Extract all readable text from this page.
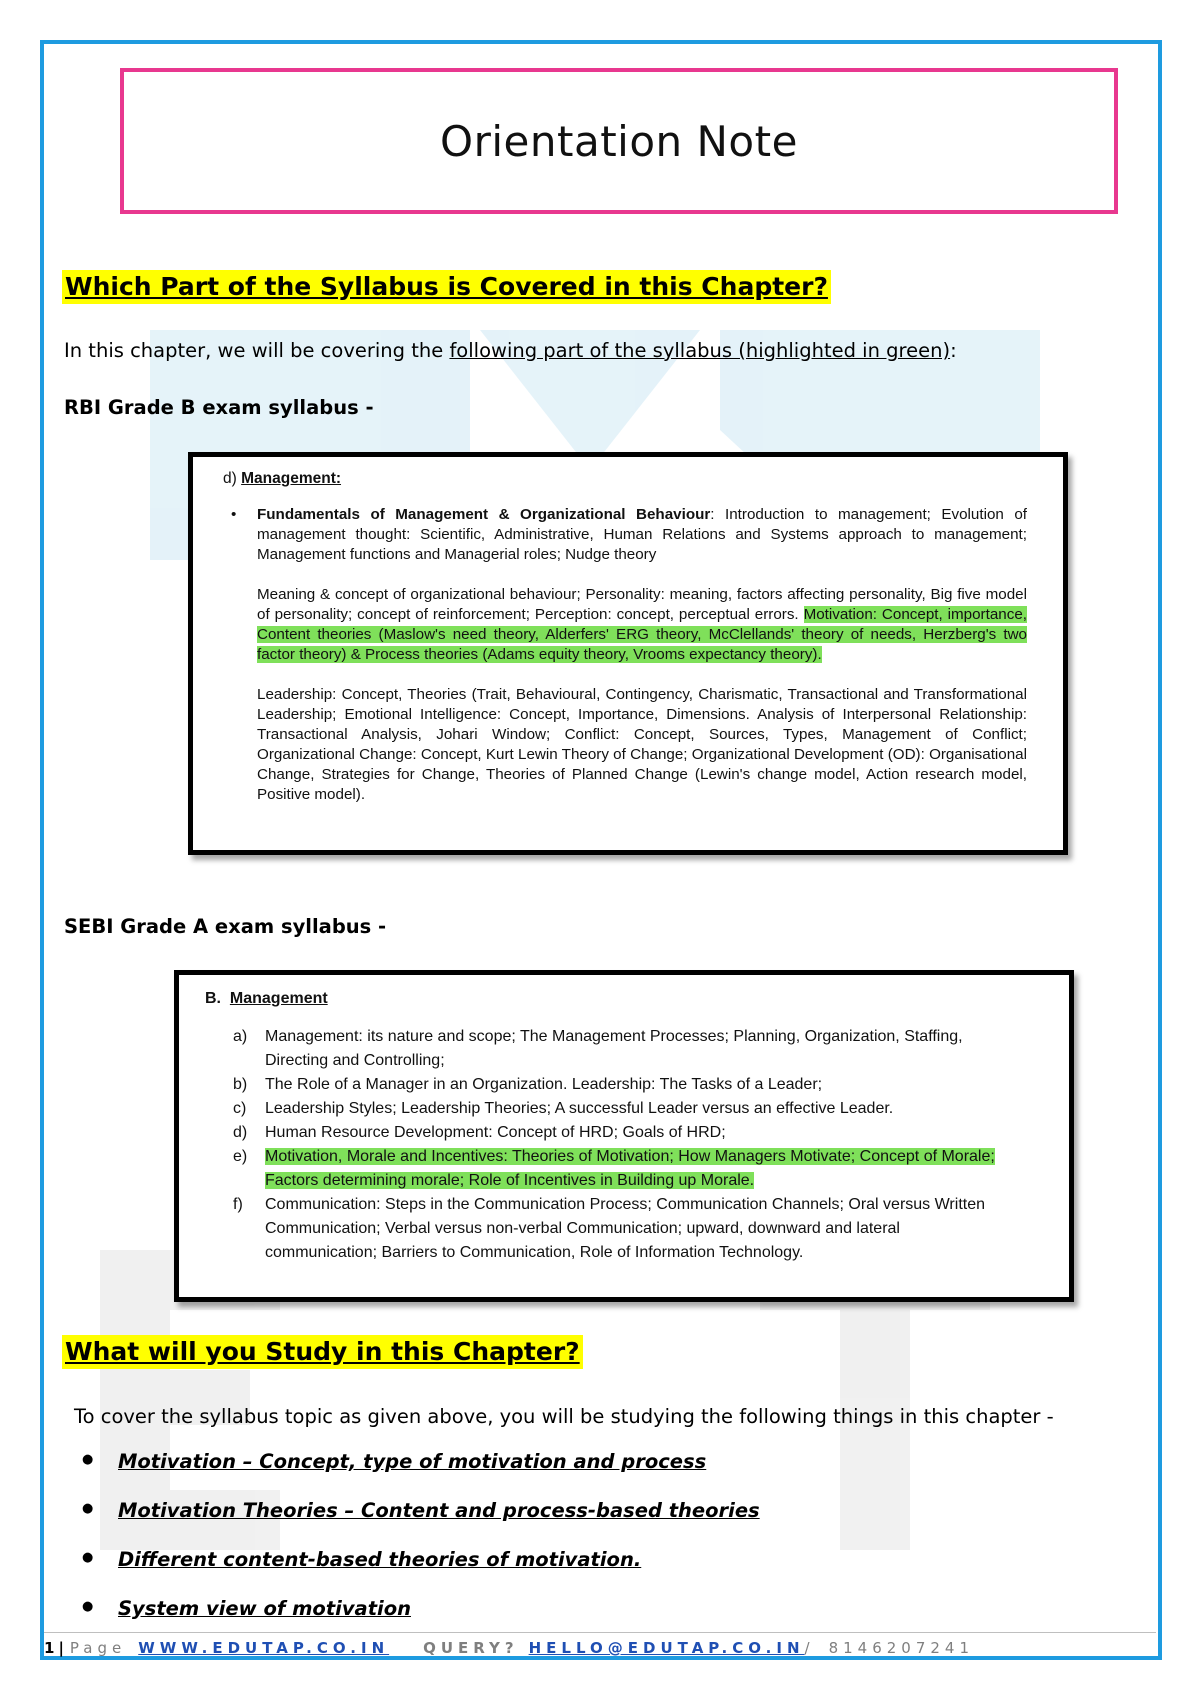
Orientation Note
Which Part of the Syllabus is Covered in this Chapter?
In this chapter, we will be covering the following part of the syllabus (highlighted in green):
RBI Grade B exam syllabus -
d) Management:
• Fundamentals of Management & Organizational Behaviour: Introduction to management; Evolution of management thought: Scientific, Administrative, Human Relations and Systems approach to management; Management functions and Managerial roles; Nudge theory
Meaning & concept of organizational behaviour; Personality: meaning, factors affecting personality, Big five model of personality; concept of reinforcement; Perception: concept, perceptual errors. Motivation: Concept, importance, Content theories (Maslow's need theory, Alderfers' ERG theory, McClellands' theory of needs, Herzberg's two factor theory) & Process theories (Adams equity theory, Vrooms expectancy theory).
Leadership: Concept, Theories (Trait, Behavioural, Contingency, Charismatic, Transactional and Transformational Leadership; Emotional Intelligence: Concept, Importance, Dimensions. Analysis of Interpersonal Relationship: Transactional Analysis, Johari Window; Conflict: Concept, Sources, Types, Management of Conflict; Organizational Change: Concept, Kurt Lewin Theory of Change; Organizational Development (OD): Organisational Change, Strategies for Change, Theories of Planned Change (Lewin's change model, Action research model, Positive model).
SEBI Grade A exam syllabus -
B. Management
a) Management: its nature and scope; The Management Processes; Planning, Organization, Staffing, Directing and Controlling;
b) The Role of a Manager in an Organization. Leadership: The Tasks of a Leader;
c) Leadership Styles; Leadership Theories; A successful Leader versus an effective Leader.
d) Human Resource Development: Concept of HRD; Goals of HRD;
e) Motivation, Morale and Incentives: Theories of Motivation; How Managers Motivate; Concept of Morale; Factors determining morale; Role of Incentives in Building up Morale.
f) Communication: Steps in the Communication Process; Communication Channels; Oral versus Written Communication; Verbal versus non-verbal Communication; upward, downward and lateral communication; Barriers to Communication, Role of Information Technology.
What will you Study in this Chapter?
To cover the syllabus topic as given above, you will be studying the following things in this chapter -
● Motivation – Concept, type of motivation and process
● Motivation Theories – Content and process-based theories
● Different content-based theories of motivation.
● System view of motivation
1 | Page WWW.EDUTAP.CO.IN QUERY? HELLO@EDUTAP.CO.IN / 8146207241
